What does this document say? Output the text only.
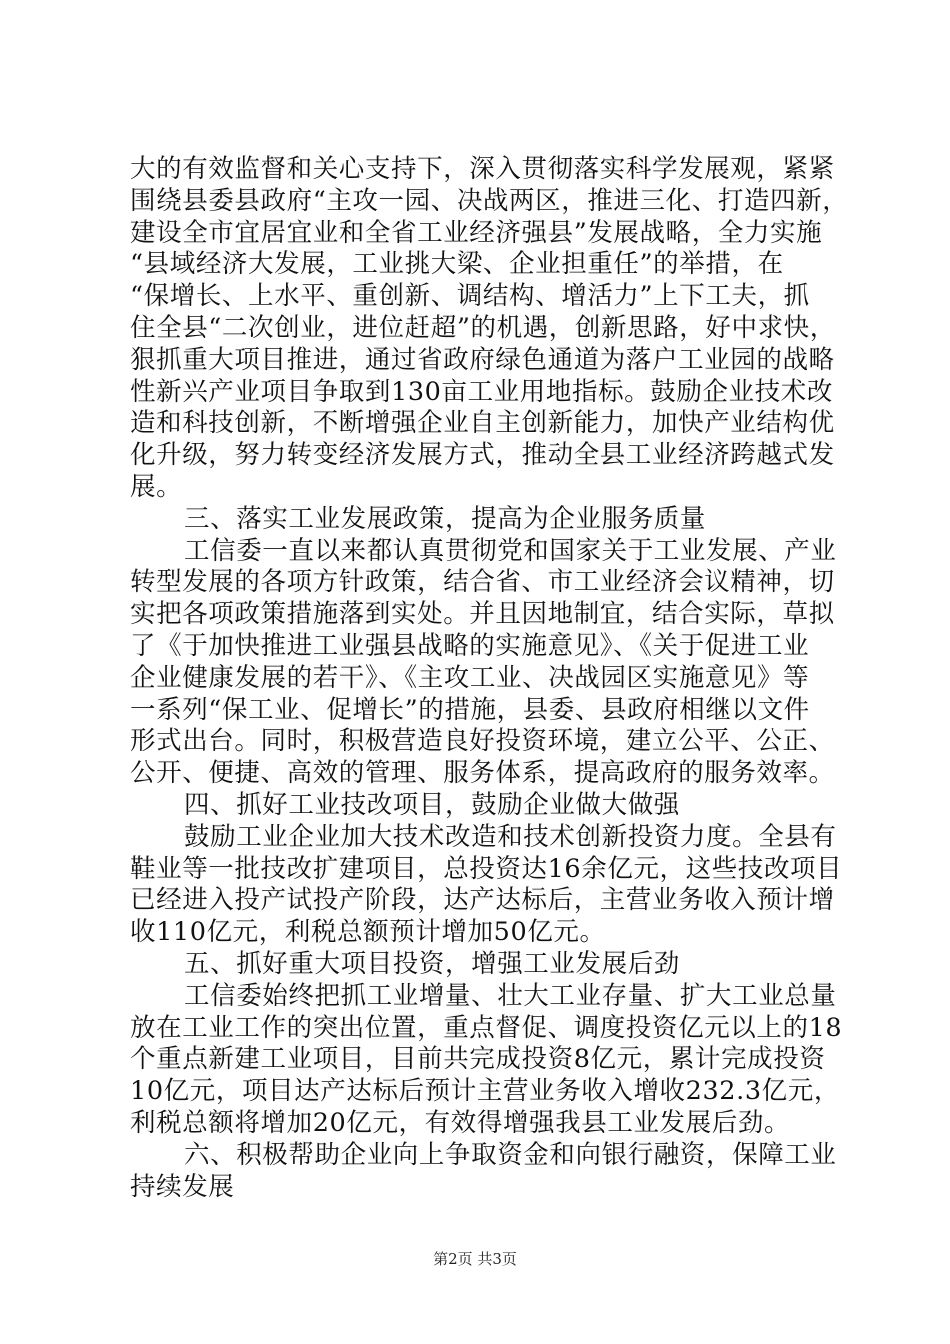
大的有效监督和关心支持下，深入贯彻落实科学发展观，紧紧
围绕县委县政府“主攻一园、决战两区，推进三化、打造四新，
建设全市宜居宜业和全省工业经济强县”发展战略，全力实施
“县域经济大发展，工业挑大梁、企业担重任”的举措，在
“保增长、上水平、重创新、调结构、增活力”上下工夫，抓
住全县“二次创业，进位赶超”的机遇，创新思路，好中求快，
狠抓重大项目推进，通过省政府绿色通道为落户工业园的战略
性新兴产业项目争取到130亩工业用地指标。鼓励企业技术改
造和科技创新，不断增强企业自主创新能力，加快产业结构优
化升级，努力转变经济发展方式，推动全县工业经济跨越式发
展。
三、落实工业发展政策，提高为企业服务质量
工信委一直以来都认真贯彻党和国家关于工业发展、产业
转型发展的各项方针政策，结合省、市工业经济会议精神，切
实把各项政策措施落到实处。并且因地制宜，结合实际，草拟
了《于加快推进工业强县战略的实施意见》、《关于促进工业
企业健康发展的若干》、《主攻工业、决战园区实施意见》等
一系列“保工业、促增长”的措施，县委、县政府相继以文件
形式出台。同时，积极营造良好投资环境，建立公平、公正、
公开、便捷、高效的管理、服务体系，提高政府的服务效率。
四、抓好工业技改项目，鼓励企业做大做强
鼓励工业企业加大技术改造和技术创新投资力度。全县有
鞋业等一批技改扩建项目，总投资达16余亿元，这些技改项目
已经进入投产试投产阶段，达产达标后，主营业务收入预计增
收110亿元，利税总额预计增加50亿元。
五、抓好重大项目投资，增强工业发展后劲
工信委始终把抓工业增量、壮大工业存量、扩大工业总量
放在工业工作的突出位置，重点督促、调度投资亿元以上的18
个重点新建工业项目，目前共完成投资8亿元，累计完成投资
10亿元，项目达产达标后预计主营业务收入增收232.3亿元，
利税总额将增加20亿元，有效得增强我县工业发展后劲。
六、积极帮助企业向上争取资金和向银行融资，保障工业
持续发展
第2页 共3页
